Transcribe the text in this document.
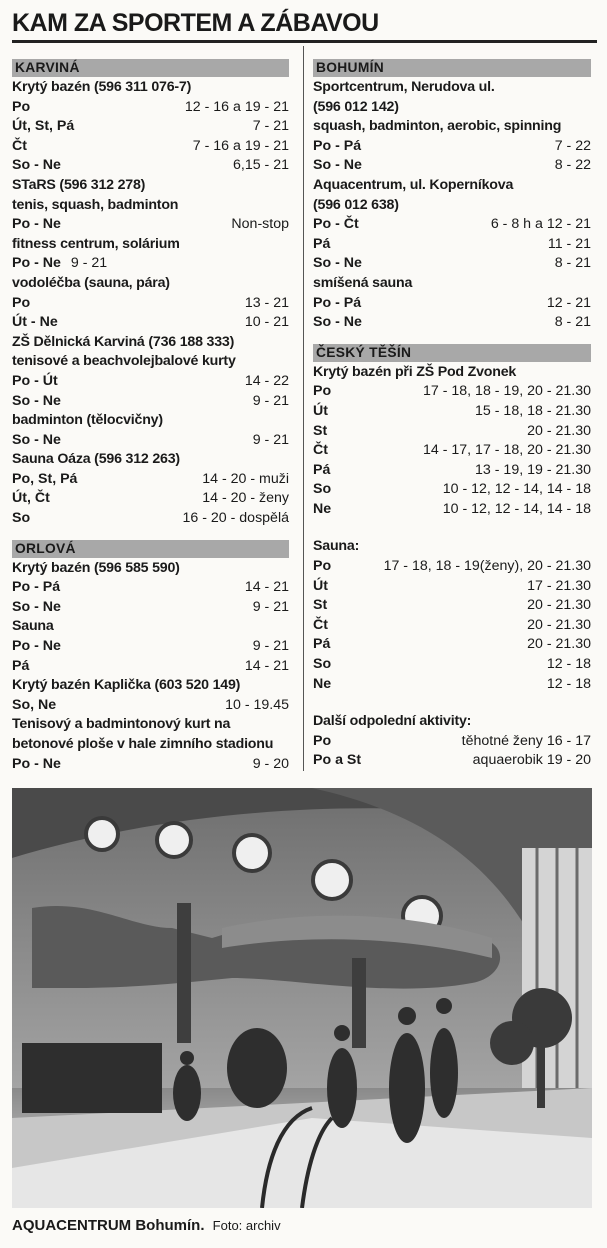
KAM ZA SPORTEM A ZÁBAVOU
KARVINÁ
Krytý bazén (596 311 076-7)
Po	12 - 16 a 19 - 21
Út, St, Pá	7 - 21
Čt	7 - 16 a 19 - 21
So - Ne	6,15 - 21
STaRS (596 312 278)
tenis, squash, badminton
Po - Ne	Non-stop
fitness centrum, solárium
Po - Ne 9 - 21
vodoléčba (sauna, pára)
Po	13 - 21
Út - Ne	10 - 21
ZŠ Dělnická Karviná (736 188 333) tenisové a beachvolejbalové kurty
Po - Út	14 - 22
So - Ne	9 - 21
badminton (tělocvičny)
So - Ne	9 - 21
Sauna Oáza (596 312 263)
Po, St, Pá	14 - 20 - muži
Út, Čt	14 - 20 - ženy
So	16 - 20 - dospělá
ORLOVÁ
Krytý bazén (596 585 590)
Po - Pá	14 - 21
So - Ne	9 - 21
Sauna
Po - Ne	9 - 21
Pá	14 - 21
Krytý bazén Kaplička (603 520 149)
So, Ne	10 - 19.45
Tenisový a badmintonový kurt na betonové ploše v hale zimního stadionu
Po - Ne	9 - 20
BOHUMÍN
Sportcentrum, Nerudova ul.
(596 012 142)
squash, badminton, aerobic, spinning
Po - Pá	7 - 22
So - Ne	8 - 22
Aquacentrum, ul. Koperníkova
(596 012 638)
Po - Čt	6 - 8 h a 12 - 21
Pá	11 - 21
So - Ne	8 - 21
smíšená sauna
Po - Pá	12 - 21
So - Ne	8 - 21
ČESKÝ TĚŠÍN
Krytý bazén při ZŠ Pod Zvonek
Po	17 - 18, 18 - 19, 20 - 21.30
Út	15 - 18, 18 - 21.30
St	20 - 21.30
Čt	14 - 17, 17 - 18, 20 - 21.30
Pá	13 - 19, 19 - 21.30
So	10 - 12, 12 - 14, 14 - 18
Ne	10 - 12, 12 - 14, 14 - 18
Sauna:
Po	17 - 18, 18 - 19(ženy), 20 - 21.30
Út	17 - 21.30
St	20 - 21.30
Čt	20 - 21.30
Pá	20 - 21.30
So	12 - 18
Ne	12 - 18
Další odpolední aktivity:
Po	těhotné ženy 16 - 17
Po a St	aquaerobik 19 - 20
AQUACENTRUM Bohumín. Foto: archiv
